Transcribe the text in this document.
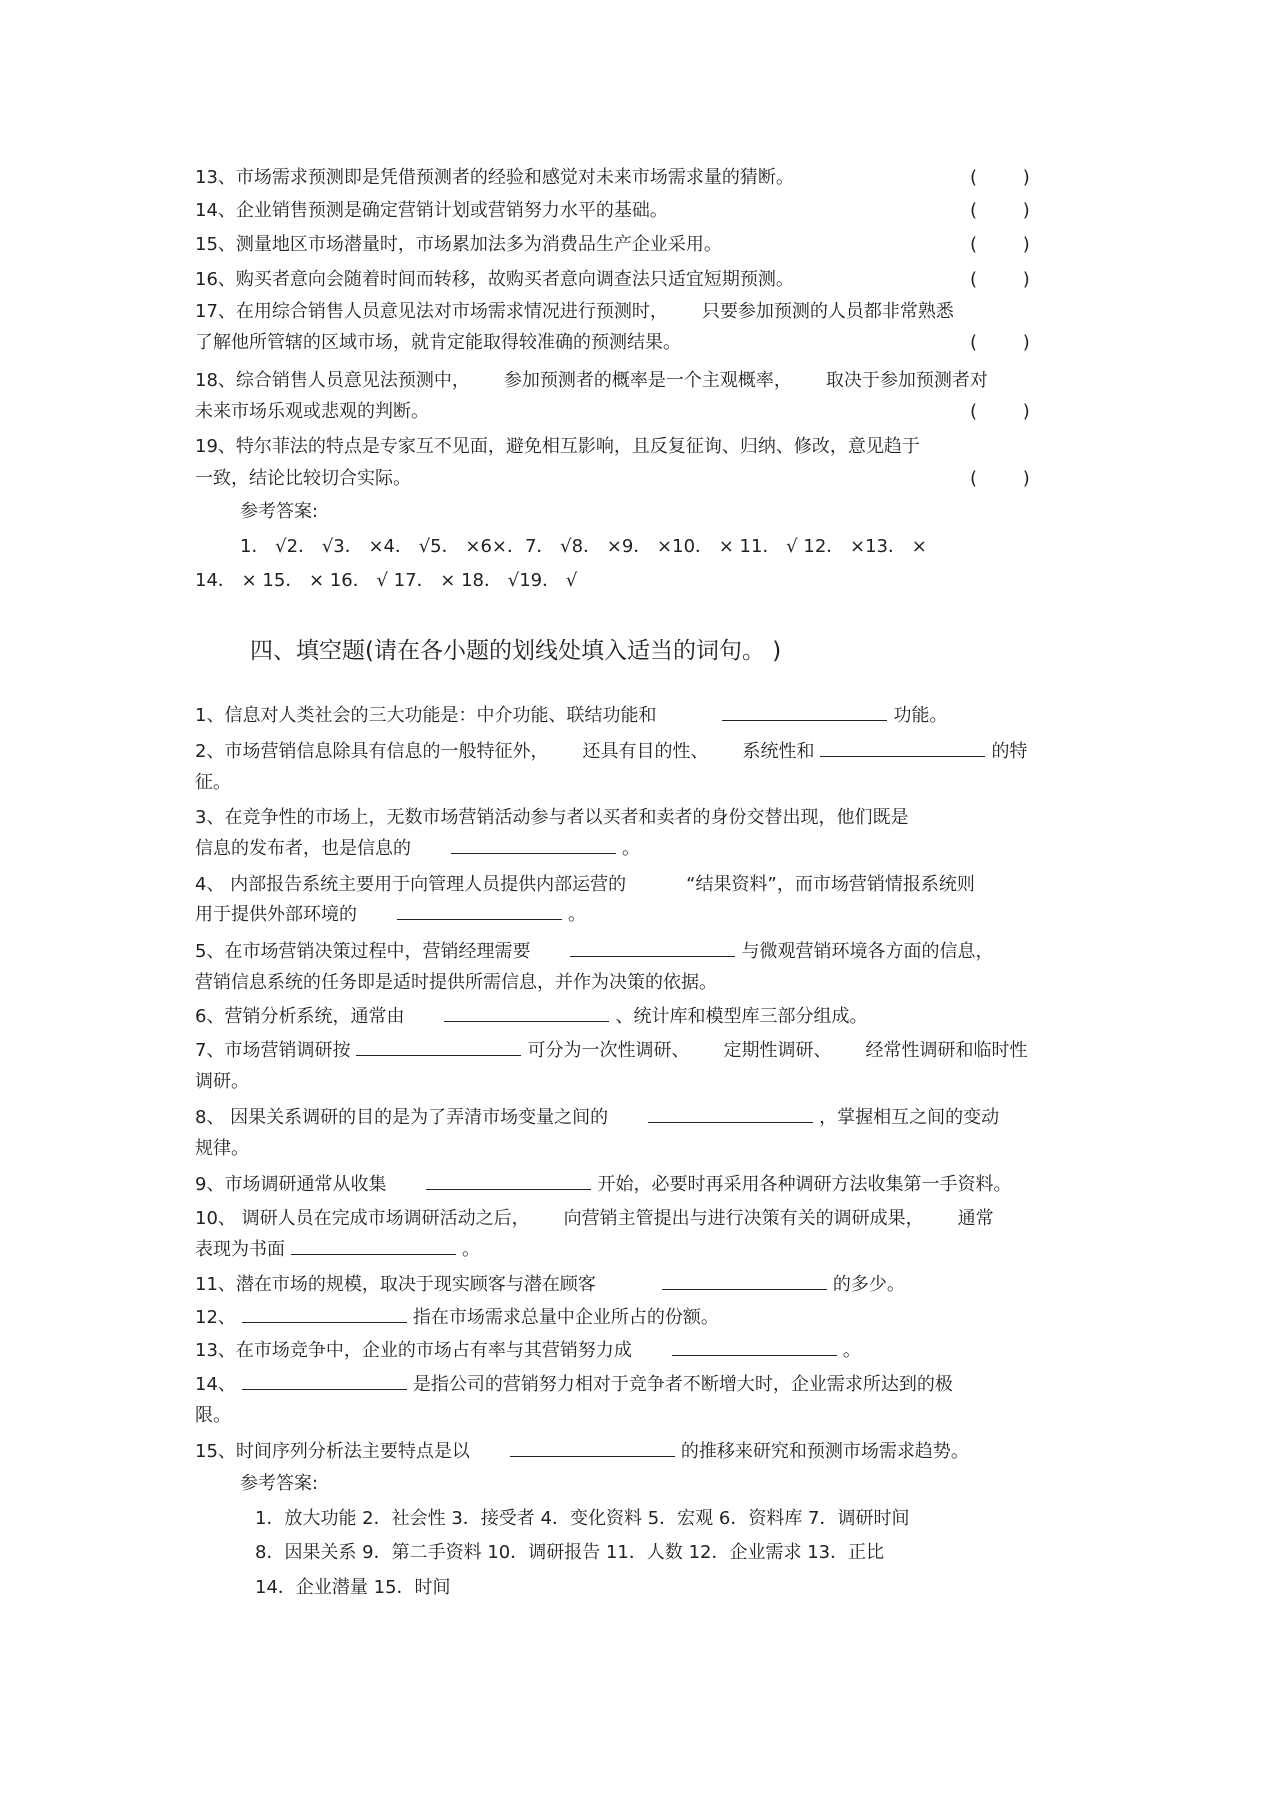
13、市场需求预测即是凭借预测者的经验和感觉对未来市场需求量的猜断。	(        )
14、企业销售预测是确定营销计划或营销努力水平的基础。	(        )
15、测量地区市场潜量时，市场累加法多为消费品生产企业采用。	(        )
16、购买者意向会随着时间而转移，故购买者意向调查法只适宜短期预测。	(        )
17、在用综合销售人员意见法对市场需求情况进行预测时， 只要参加预测的人员都非常熟悉
了解他所管辖的区域市场，就肯定能取得较准确的预测结果。	(        )
18、综合销售人员意见法预测中， 参加预测者的概率是一个主观概率， 取决于参加预测者对
未来市场乐观或悲观的判断。	(        )
19、特尔菲法的特点是专家互不见面，避免相互影响，且反复征询、归纳、修改，意见趋于
一致，结论比较切合实际。	(        )
参考答案:
1． √2． √3． ×4． √5． ×6×．7． √8． ×9． ×10． × 11． √ 12． ×13． ×
14． × 15． × 16． √ 17． × 18． √19． √
四、填空题(请在各小题的划线处填入适当的词句。 )
1、信息对人类社会的三大功能是：中介功能、联结功能和	功能。
2、市场营销信息除具有信息的一般特征外， 还具有目的性、 系统性和	的特
征。
3、在竞争性的市场上，无数市场营销活动参与者以买者和卖者的身份交替出现，他们既是
信息的发布者，也是信息的	。
4、 内部报告系统主要用于向管理人员提供内部运营的	“结果资料”，而市场营销情报系统则
用于提供外部环境的	。
5、在市场营销决策过程中，营销经理需要	与微观营销环境各方面的信息，
营销信息系统的任务即是适时提供所需信息，并作为决策的依据。
6、营销分析系统，通常由	、统计库和模型库三部分组成。
7、市场营销调研按	可分为一次性调研、 定期性调研、 经常性调研和临时性
调研。
8、 因果关系调研的目的是为了弄清市场变量之间的	，掌握相互之间的变动
规律。
9、市场调研通常从收集	开始，必要时再采用各种调研方法收集第一手资料。
10、 调研人员在完成市场调研活动之后， 向营销主管提出与进行决策有关的调研成果， 通常
表现为书面	。
11、潜在市场的规模，取决于现实顾客与潜在顾客	的多少。
12、	指在市场需求总量中企业所占的份额。
13、在市场竞争中，企业的市场占有率与其营销努力成	。
14、	是指公司的营销努力相对于竞争者不断增大时，企业需求所达到的极
限。
15、时间序列分析法主要特点是以	的推移来研究和预测市场需求趋势。
参考答案:
1．放大功能 2．社会性 3．接受者 4．变化资料 5．宏观 6．资料库 7．调研时间
8．因果关系 9．第二手资料 10．调研报告 11．人数 12．企业需求 13．正比
14．企业潜量 15．时间
